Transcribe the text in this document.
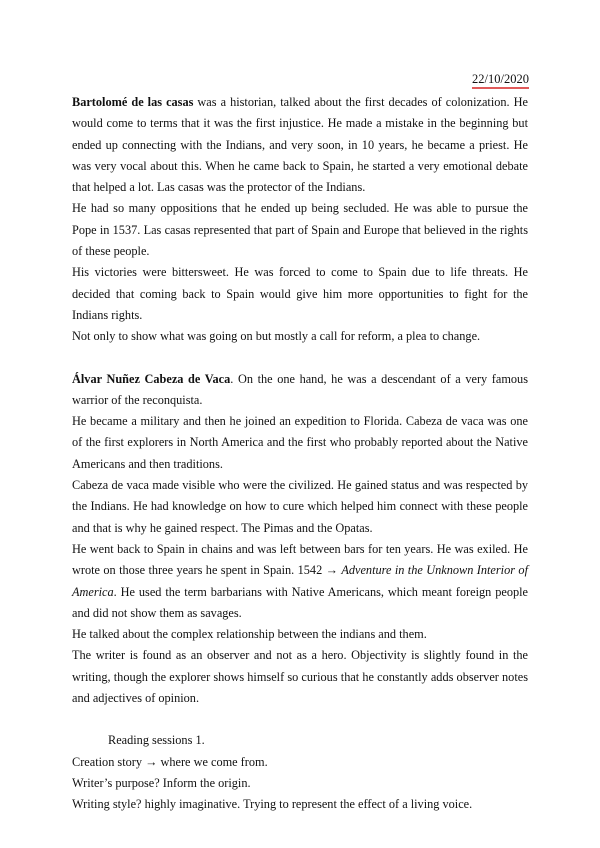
22/10/2020

Bartolomé de las casas was a historian, talked about the first decades of colonization. He would come to terms that it was the first injustice. He made a mistake in the beginning but ended up connecting with the Indians, and very soon, in 10 years, he became a priest. He was very vocal about this. When he came back to Spain, he started a very emotional debate that helped a lot. Las casas was the protector of the Indians.

He had so many oppositions that he ended up being secluded. He was able to pursue the Pope in 1537. Las casas represented that part of Spain and Europe that believed in the rights of these people.

His victories were bittersweet. He was forced to come to Spain due to life threats. He decided that coming back to Spain would give him more opportunities to fight for the Indians rights.

Not only to show what was going on but mostly a call for reform, a plea to change.

Álvar Nuñez Cabeza de Vaca. On the one hand, he was a descendant of a very famous warrior of the reconquista.

He became a military and then he joined an expedition to Florida. Cabeza de vaca was one of the first explorers in North America and the first who probably reported about the Native Americans and then traditions.

Cabeza de vaca made visible who were the civilized. He gained status and was respected by the Indians. He had knowledge on how to cure which helped him connect with these people and that is why he gained respect. The Pimas and the Opatas.

He went back to Spain in chains and was left between bars for ten years. He was exiled. He wrote on those three years he spent in Spain. 1542 → Adventure in the Unknown Interior of America. He used the term barbarians with Native Americans, which meant foreign people and did not show them as savages.

He talked about the complex relationship between the indians and them.

The writer is found as an observer and not as a hero. Objectivity is slightly found in the writing, though the explorer shows himself so curious that he constantly adds observer notes and adjectives of opinion.

Reading sessions 1.

Creation story → where we come from.

Writer’s purpose? Inform the origin.

Writing style? highly imaginative. Trying to represent the effect of a living voice.
